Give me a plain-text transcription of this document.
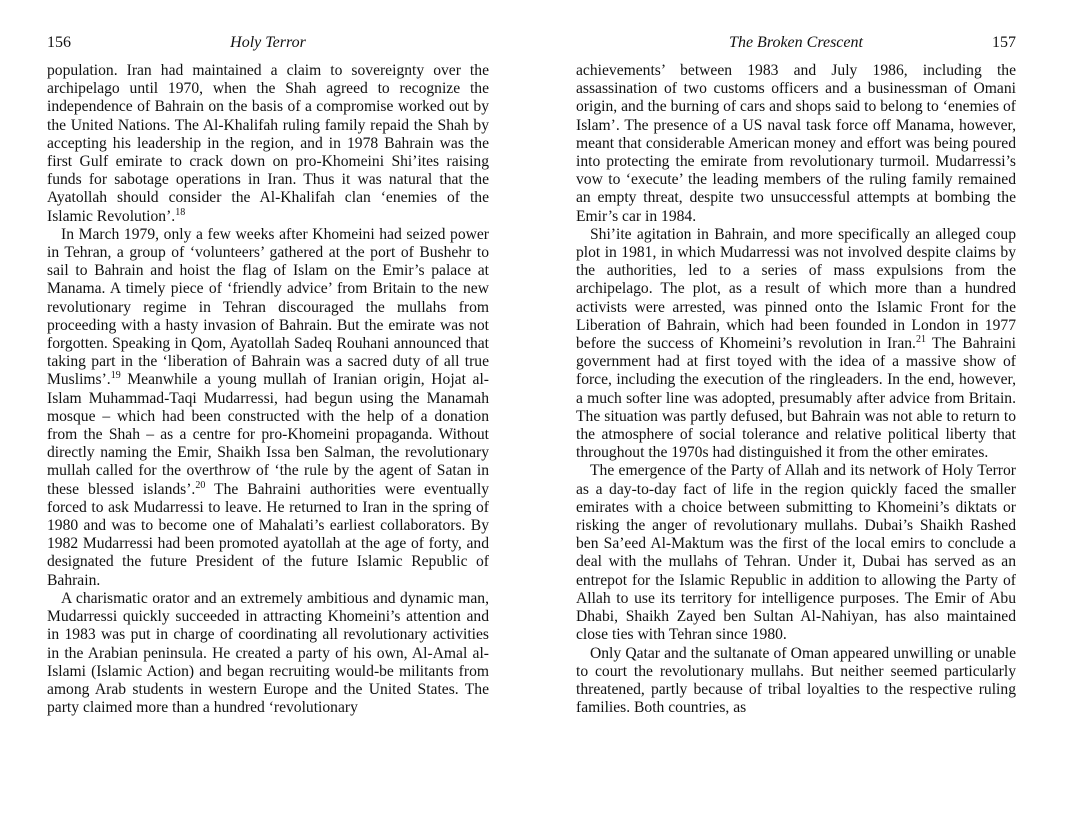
156	Holy Terror

population. Iran had maintained a claim to sovereignty over the archipelago until 1970, when the Shah agreed to recognize the independence of Bahrain on the basis of a compromise worked out by the United Nations. The Al-Khalifah ruling family repaid the Shah by accepting his leadership in the region, and in 1978 Bahrain was the first Gulf emirate to crack down on pro-Khomeini Shi’ites raising funds for sabotage operations in Iran. Thus it was natural that the Ayatollah should consider the Al-Khalifah clan ‘enemies of the Islamic Revolution’.$^{18}$

In March 1979, only a few weeks after Khomeini had seized power in Tehran, a group of ‘volunteers’ gathered at the port of Bushehr to sail to Bahrain and hoist the flag of Islam on the Emir’s palace at Manama. A timely piece of ‘friendly advice’ from Britain to the new revolutionary regime in Tehran discouraged the mullahs from proceeding with a hasty invasion of Bahrain. But the emirate was not forgotten. Speaking in Qom, Ayatollah Sadeq Rouhani announced that taking part in the ‘liberation of Bahrain was a sacred duty of all true Muslims’.$^{19}$ Meanwhile a young mullah of Iranian origin, Hojat al-Islam Muhammad-Taqi Mudarressi, had begun using the Manamah mosque – which had been constructed with the help of a donation from the Shah – as a centre for pro-Khomeini propaganda. Without directly naming the Emir, Shaikh Issa ben Salman, the revolutionary mullah called for the overthrow of ‘the rule by the agent of Satan in these blessed islands’.$^{20}$ The Bahraini authorities were eventually forced to ask Mudarressi to leave. He returned to Iran in the spring of 1980 and was to become one of Mahalati’s earliest collaborators. By 1982 Mudarressi had been promoted ayatollah at the age of forty, and designated the future President of the future Islamic Republic of Bahrain.

A charismatic orator and an extremely ambitious and dynamic man, Mudarressi quickly succeeded in attracting Khomeini’s attention and in 1983 was put in charge of coordinating all revolutionary activities in the Arabian peninsula. He created a party of his own, Al-Amal al-Islami (Islamic Action) and began recruiting would-be militants from among Arab students in western Europe and the United States. The party claimed more than a hundred ‘revolutionary

The Broken Crescent	157

achievements’ between 1983 and July 1986, including the assassination of two customs officers and a businessman of Omani origin, and the burning of cars and shops said to belong to ‘enemies of Islam’. The presence of a US naval task force off Manama, however, meant that considerable American money and effort was being poured into protecting the emirate from revolutionary turmoil. Mudarressi’s vow to ‘execute’ the leading members of the ruling family remained an empty threat, despite two unsuccessful attempts at bombing the Emir’s car in 1984.

Shi’ite agitation in Bahrain, and more specifically an alleged coup plot in 1981, in which Mudarressi was not involved despite claims by the authorities, led to a series of mass expulsions from the archipelago. The plot, as a result of which more than a hundred activists were arrested, was pinned onto the Islamic Front for the Liberation of Bahrain, which had been founded in London in 1977 before the success of Khomeini’s revolution in Iran.$^{21}$ The Bahraini government had at first toyed with the idea of a massive show of force, including the execution of the ringleaders. In the end, however, a much softer line was adopted, presumably after advice from Britain. The situation was partly defused, but Bahrain was not able to return to the atmosphere of social tolerance and relative political liberty that throughout the 1970s had distinguished it from the other emirates.

The emergence of the Party of Allah and its network of Holy Terror as a day-to-day fact of life in the region quickly faced the smaller emirates with a choice between submitting to Khomeini’s diktats or risking the anger of revolutionary mullahs. Dubai’s Shaikh Rashed ben Sa’eed Al-Maktum was the first of the local emirs to conclude a deal with the mullahs of Tehran. Under it, Dubai has served as an entrepot for the Islamic Republic in addition to allowing the Party of Allah to use its territory for intelligence purposes. The Emir of Abu Dhabi, Shaikh Zayed ben Sultan Al-Nahiyan, has also maintained close ties with Tehran since 1980.

Only Qatar and the sultanate of Oman appeared unwilling or unable to court the revolutionary mullahs. But neither seemed particularly threatened, partly because of tribal loyalties to the respective ruling families. Both countries, as
